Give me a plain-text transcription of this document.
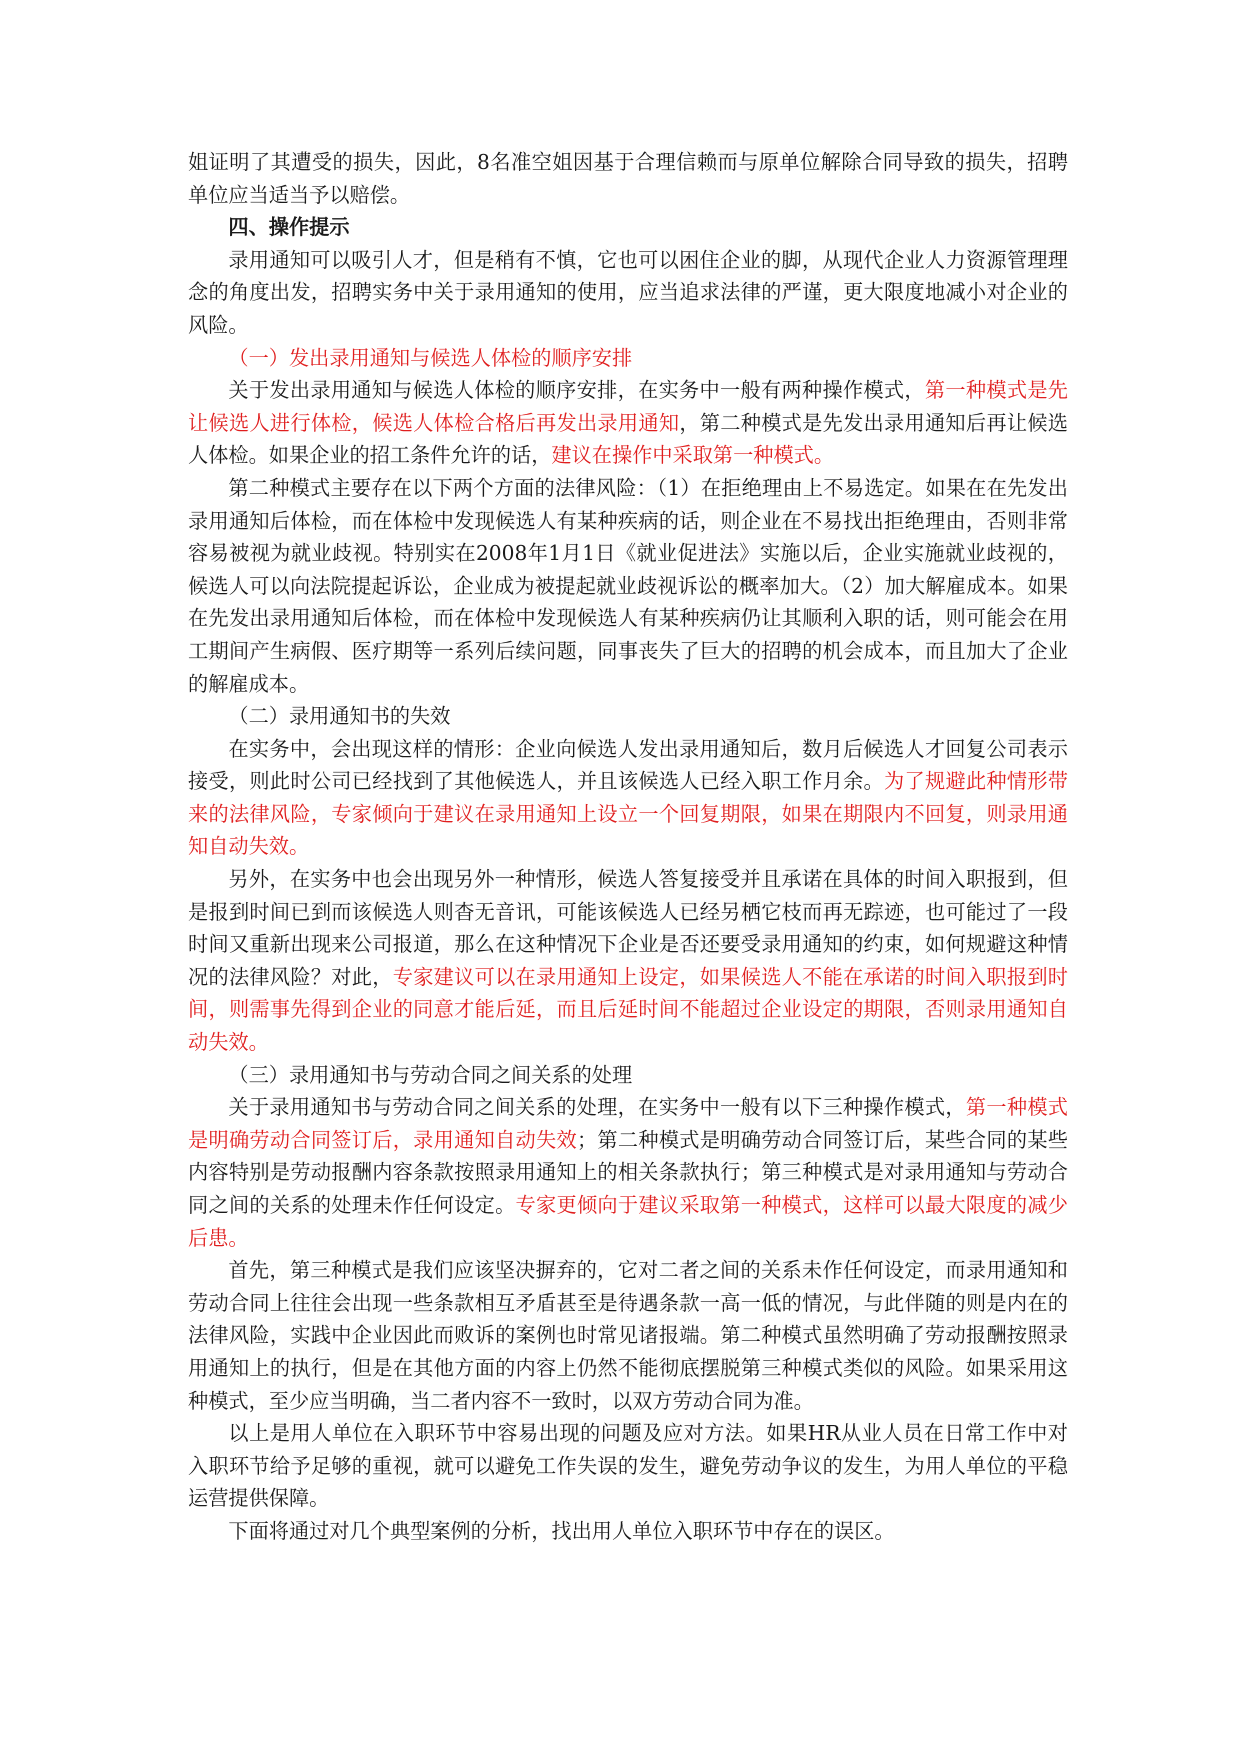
姐证明了其遭受的损失，因此，8名准空姐因基于合理信赖而与原单位解除合同导致的损失，招聘单位应当适当予以赔偿。

四、操作提示

录用通知可以吸引人才，但是稍有不慎，它也可以困住企业的脚，从现代企业人力资源管理理念的角度出发，招聘实务中关于录用通知的使用，应当追求法律的严谨，更大限度地减小对企业的风险。

（一）发出录用通知与候选人体检的顺序安排

关于发出录用通知与候选人体检的顺序安排，在实务中一般有两种操作模式，第一种模式是先让候选人进行体检，候选人体检合格后再发出录用通知，第二种模式是先发出录用通知后再让候选人体检。如果企业的招工条件允许的话，建议在操作中采取第一种模式。

第二种模式主要存在以下两个方面的法律风险：（1）在拒绝理由上不易选定。如果在在先发出录用通知后体检，而在体检中发现候选人有某种疾病的话，则企业在不易找出拒绝理由，否则非常容易被视为就业歧视。特别实在2008年1月1日《就业促进法》实施以后，企业实施就业歧视的，候选人可以向法院提起诉讼，企业成为被提起就业歧视诉讼的概率加大。（2）加大解雇成本。如果在先发出录用通知后体检，而在体检中发现候选人有某种疾病仍让其顺利入职的话，则可能会在用工期间产生病假、医疗期等一系列后续问题，同事丧失了巨大的招聘的机会成本，而且加大了企业的解雇成本。

（二）录用通知书的失效

在实务中，会出现这样的情形：企业向候选人发出录用通知后，数月后候选人才回复公司表示接受，则此时公司已经找到了其他候选人，并且该候选人已经入职工作月余。为了规避此种情形带来的法律风险，专家倾向于建议在录用通知上设立一个回复期限，如果在期限内不回复，则录用通知自动失效。

另外，在实务中也会出现另外一种情形，候选人答复接受并且承诺在具体的时间入职报到，但是报到时间已到而该候选人则杳无音讯，可能该候选人已经另栖它枝而再无踪迹，也可能过了一段时间又重新出现来公司报道，那么在这种情况下企业是否还要受录用通知的约束，如何规避这种情况的法律风险？对此，专家建议可以在录用通知上设定，如果候选人不能在承诺的时间入职报到时间，则需事先得到企业的同意才能后延，而且后延时间不能超过企业设定的期限，否则录用通知自动失效。

（三）录用通知书与劳动合同之间关系的处理

关于录用通知书与劳动合同之间关系的处理，在实务中一般有以下三种操作模式，第一种模式是明确劳动合同签订后，录用通知自动失效；第二种模式是明确劳动合同签订后，某些合同的某些内容特别是劳动报酬内容条款按照录用通知上的相关条款执行；第三种模式是对录用通知与劳动合同之间的关系的处理未作任何设定。专家更倾向于建议采取第一种模式，这样可以最大限度的减少后患。

首先，第三种模式是我们应该坚决摒弃的，它对二者之间的关系未作任何设定，而录用通知和劳动合同上往往会出现一些条款相互矛盾甚至是待遇条款一高一低的情况，与此伴随的则是内在的法律风险，实践中企业因此而败诉的案例也时常见诸报端。第二种模式虽然明确了劳动报酬按照录用通知上的执行，但是在其他方面的内容上仍然不能彻底摆脱第三种模式类似的风险。如果采用这种模式，至少应当明确，当二者内容不一致时，以双方劳动合同为准。

以上是用人单位在入职环节中容易出现的问题及应对方法。如果HR从业人员在日常工作中对入职环节给予足够的重视，就可以避免工作失误的发生，避免劳动争议的发生，为用人单位的平稳运营提供保障。

下面将通过对几个典型案例的分析，找出用人单位入职环节中存在的误区。
